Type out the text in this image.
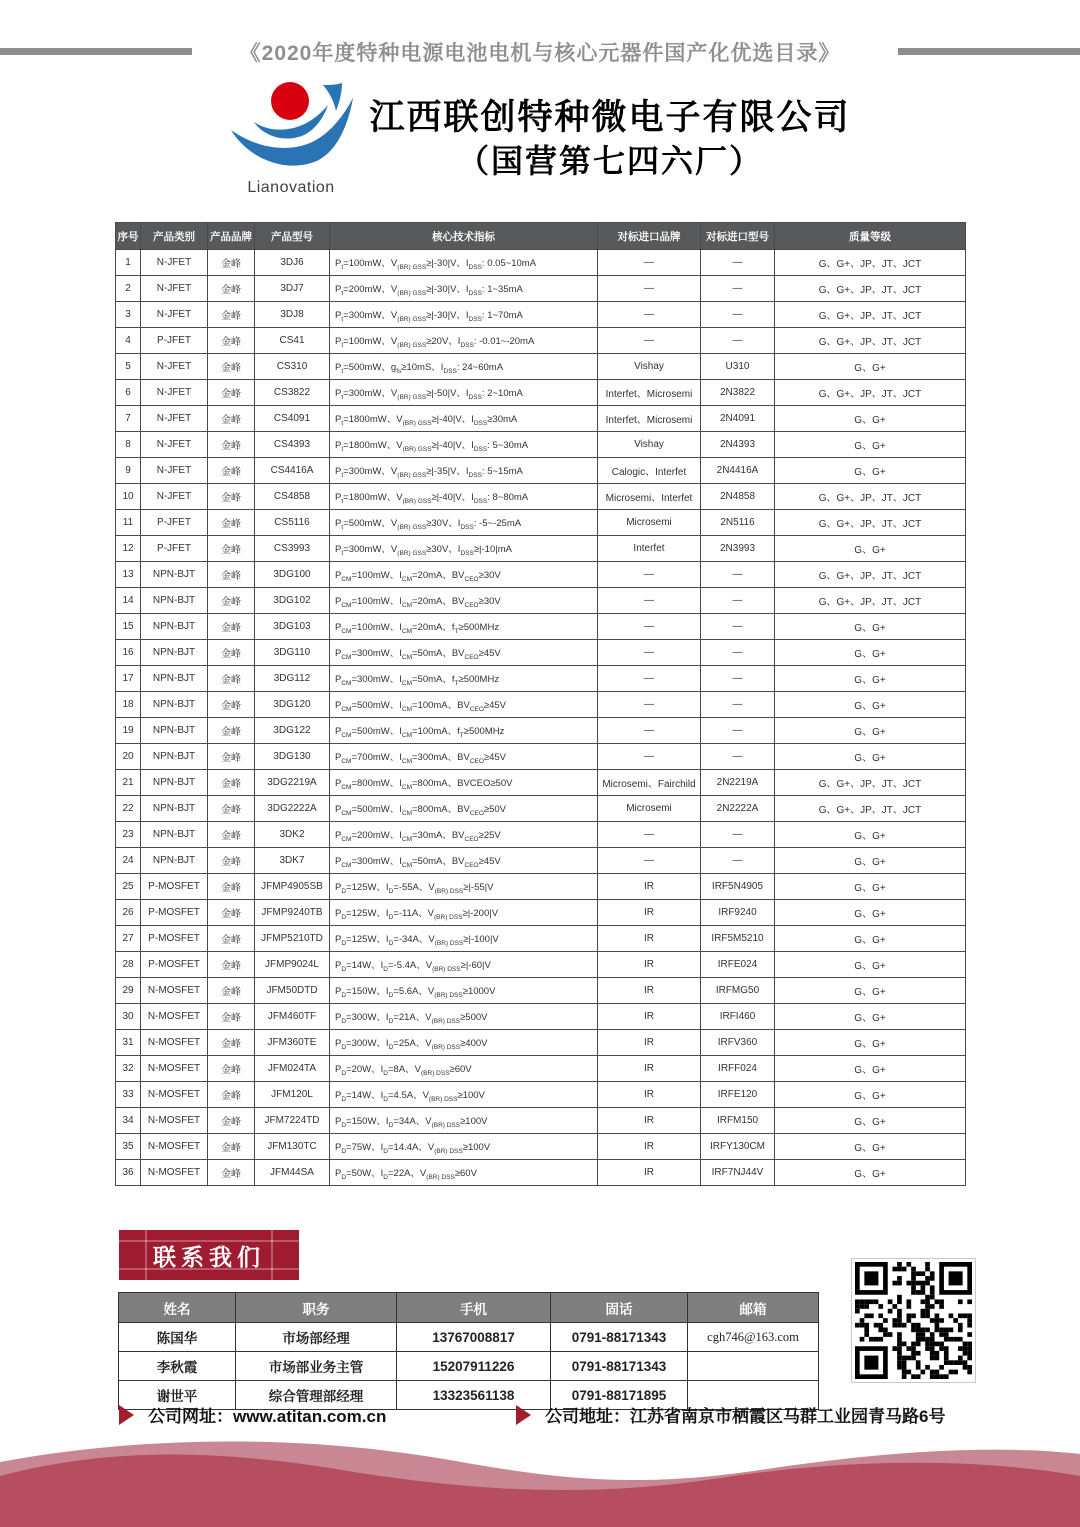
《2020年度特种电源电池电机与核心元器件国产化优选目录》
Lianovation
江西联创特种微电子有限公司
（国营第七四六厂）
序号	产品类别	产品品牌	产品型号	核心技术指标	对标进口品牌	对标进口型号	质量等级
1	N-JFET	金峰	3DJ6	$P_t=100mW$、$V_{(BR) GSS}\ge|-30|V$、$I_{DSS}$: 0.05~10mA	—	—	G、G+、JP、JT、JCT
2	N-JFET	金峰	3DJ7	$P_t=200mW$、$V_{(BR) GSS}\ge|-30|V$、$I_{DSS}$: 1~35mA	—	—	G、G+、JP、JT、JCT
3	N-JFET	金峰	3DJ8	$P_t=300mW$、$V_{(BR) GSS}\ge|-30|V$、$I_{DSS}$: 1~70mA	—	—	G、G+、JP、JT、JCT
4	P-JFET	金峰	CS41	$P_t=100mW$、$V_{(BR) GSS}\ge 20V$、$I_{DSS}$: -0.01~-20mA	—	—	G、G+、JP、JT、JCT
5	N-JFET	金峰	CS310	$P_t=500mW$、$g_{fs}\ge 10mS$、$I_{DSS}$: 24~60mA	Vishay	U310	G、G+
6	N-JFET	金峰	CS3822	$P_t=300mW$、$V_{(BR) GSS}\ge|-50|V$、$I_{DSS}$: 2~10mA	Interfet、Microsemi	2N3822	G、G+、JP、JT、JCT
7	N-JFET	金峰	CS4091	$P_t=1800mW$、$V_{(BR) GSS}\ge|-40|V$、$I_{DSS}\ge 30mA$	Interfet、Microsemi	2N4091	G、G+
8	N-JFET	金峰	CS4393	$P_t=1800mW$、$V_{(BR) GSS}\ge|-40|V$、$I_{DSS}$: 5~30mA	Vishay	2N4393	G、G+
9	N-JFET	金峰	CS4416A	$P_t=300mW$、$V_{(BR) GSS}\ge|-35|V$、$I_{DSS}$: 5~15mA	Calogic、Interfet	2N4416A	G、G+
10	N-JFET	金峰	CS4858	$P_t=1800mW$、$V_{(BR) GSS}\ge|-40|V$、$I_{DSS}$: 8~80mA	Microsemi、Interfet	2N4858	G、G+、JP、JT、JCT
11	P-JFET	金峰	CS5116	$P_t=500mW$、$V_{(BR) GSS}\ge 30V$、$I_{DSS}$: -5~-25mA	Microsemi	2N5116	G、G+、JP、JT、JCT
12	P-JFET	金峰	CS3993	$P_t=300mW$、$V_{(BR) GSS}\ge 30V$、$I_{DSS}\ge|-10|mA$	Interfet	2N3993	G、G+
13	NPN-BJT	金峰	3DG100	$P_{CM}=100mW$、$I_{CM}=20mA$、$BV_{CEO}\ge 30V$	—	—	G、G+、JP、JT、JCT
14	NPN-BJT	金峰	3DG102	$P_{CM}=100mW$、$I_{CM}=20mA$、$BV_{CEO}\ge 30V$	—	—	G、G+、JP、JT、JCT
15	NPN-BJT	金峰	3DG103	$P_{CM}=100mW$、$I_{CM}=20mA$、$f_T\ge 500MHz$	—	—	G、G+
16	NPN-BJT	金峰	3DG110	$P_{CM}=300mW$、$I_{CM}=50mA$、$BV_{CEO}\ge 45V$	—	—	G、G+
17	NPN-BJT	金峰	3DG112	$P_{CM}=300mW$、$I_{CM}=50mA$、$f_T\ge 500MHz$	—	—	G、G+
18	NPN-BJT	金峰	3DG120	$P_{CM}=500mW$、$I_{CM}=100mA$、$BV_{CEO}\ge 45V$	—	—	G、G+
19	NPN-BJT	金峰	3DG122	$P_{CM}=500mW$、$I_{CM}=100mA$、$f_T\ge 500MHz$	—	—	G、G+
20	NPN-BJT	金峰	3DG130	$P_{CM}=700mW$、$I_{CM}=300mA$、$BV_{CEO}\ge 45V$	—	—	G、G+
21	NPN-BJT	金峰	3DG2219A	$P_{CM}=800mW$、$I_{CM}=800mA$、BVCEO≥50V	Microsemi、Fairchild	2N2219A	G、G+、JP、JT、JCT
22	NPN-BJT	金峰	3DG2222A	$P_{CM}=500mW$、$I_{CM}=800mA$、$BV_{CEO}\ge 50V$	Microsemi	2N2222A	G、G+、JP、JT、JCT
23	NPN-BJT	金峰	3DK2	$P_{CM}=200mW$、$I_{CM}=30mA$、$BV_{CEO}\ge 25V$	—	—	G、G+
24	NPN-BJT	金峰	3DK7	$P_{CM}=300mW$、$I_{CM}=50mA$、$BV_{CEO}\ge 45V$	—	—	G、G+
25	P-MOSFET	金峰	JFMP4905SB	$P_D=125W$、$I_D=-55A$、$V_{(BR) DSS}\ge|-55|V$	IR	IRF5N4905	G、G+
26	P-MOSFET	金峰	JFMP9240TB	$P_D=125W$、$I_D=-11A$、$V_{(BR) DSS}\ge|-200|V$	IR	IRF9240	G、G+
27	P-MOSFET	金峰	JFMP5210TD	$P_D=125W$、$I_D=-34A$、$V_{(BR) DSS}\ge|-100|V$	IR	IRF5M5210	G、G+
28	P-MOSFET	金峰	JFMP9024L	$P_D=14W$、$I_D=-5.4A$、$V_{(BR) DSS}\ge|-60|V$	IR	IRFE024	G、G+
29	N-MOSFET	金峰	JFM50DTD	$P_D=150W$、$I_D=5.6A$、$V_{(BR) DSS}\ge 1000V$	IR	IRFMG50	G、G+
30	N-MOSFET	金峰	JFM460TF	$P_D=300W$、$I_D=21A$、$V_{(BR) DSS}\ge 500V$	IR	IRFI460	G、G+
31	N-MOSFET	金峰	JFM360TE	$P_D=300W$、$I_D=25A$、$V_{(BR) DSS}\ge 400V$	IR	IRFV360	G、G+
32	N-MOSFET	金峰	JFM024TA	$P_D=20W$、$I_D=8A$、$V_{(BR) DSS}\ge 60V$	IR	IRFF024	G、G+
33	N-MOSFET	金峰	JFM120L	$P_D=14W$、$I_D=4.5A$、$V_{(BR) DSS}\ge 100V$	IR	IRFE120	G、G+
34	N-MOSFET	金峰	JFM7224TD	$P_D=150W$、$I_D=34A$、$V_{(BR) DSS}\ge 100V$	IR	IRFM150	G、G+
35	N-MOSFET	金峰	JFM130TC	$P_D=75W$、$I_D=14.4A$、$V_{(BR) DSS}\ge 100V$	IR	IRFY130CM	G、G+
36	N-MOSFET	金峰	JFM44SA	$P_D=50W$、$I_D=22A$、$V_{(BR) DSS}\ge 60V$	IR	IRF7NJ44V	G、G+
联系我们
姓名	职务	手机	固话	邮箱
陈国华	市场部经理	13767008817	0791-88171343	cgh746@163.com
李秋霞	市场部业务主管	15207911226	0791-88171343	
谢世平	综合管理部经理	13323561138	0791-88171895	
公司网址：www.atitan.com.cn	公司地址：江苏省南京市栖霞区马群工业园青马路6号
